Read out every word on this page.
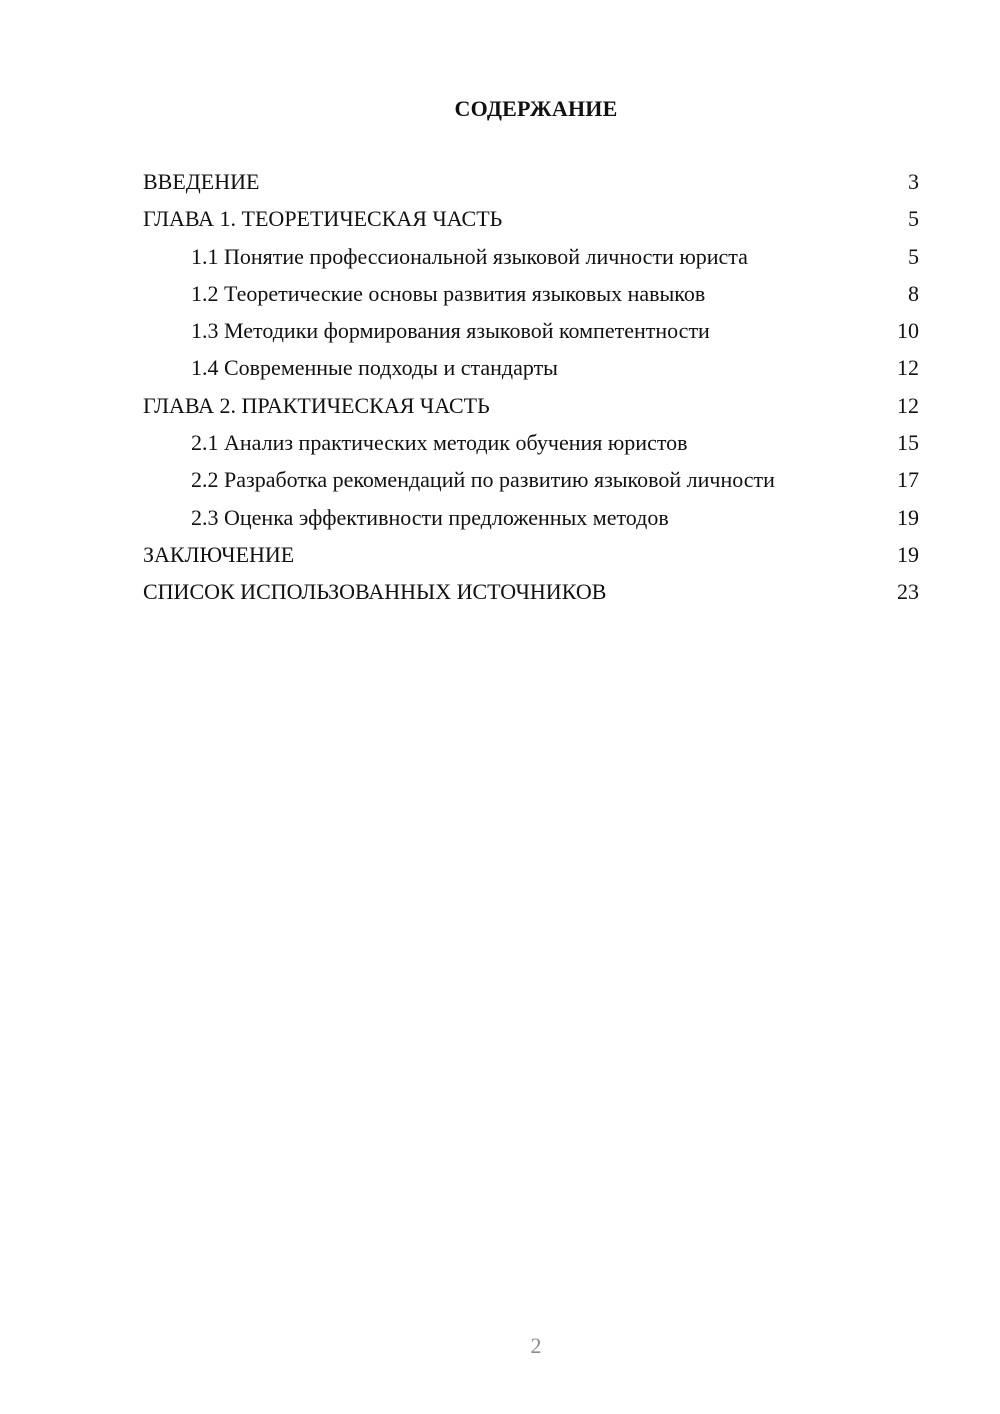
СОДЕРЖАНИЕ
ВВЕДЕНИЕ	3
ГЛАВА 1. ТЕОРЕТИЧЕСКАЯ ЧАСТЬ	5
1.1 Понятие профессиональной языковой личности юриста	5
1.2 Теоретические основы развития языковых навыков	8
1.3 Методики формирования языковой компетентности	10
1.4 Современные подходы и стандарты	12
ГЛАВА 2. ПРАКТИЧЕСКАЯ ЧАСТЬ	12
2.1 Анализ практических методик обучения юристов	15
2.2 Разработка рекомендаций по развитию языковой личности	17
2.3 Оценка эффективности предложенных методов	19
ЗАКЛЮЧЕНИЕ	19
СПИСОК ИСПОЛЬЗОВАННЫХ ИСТОЧНИКОВ	23
2
